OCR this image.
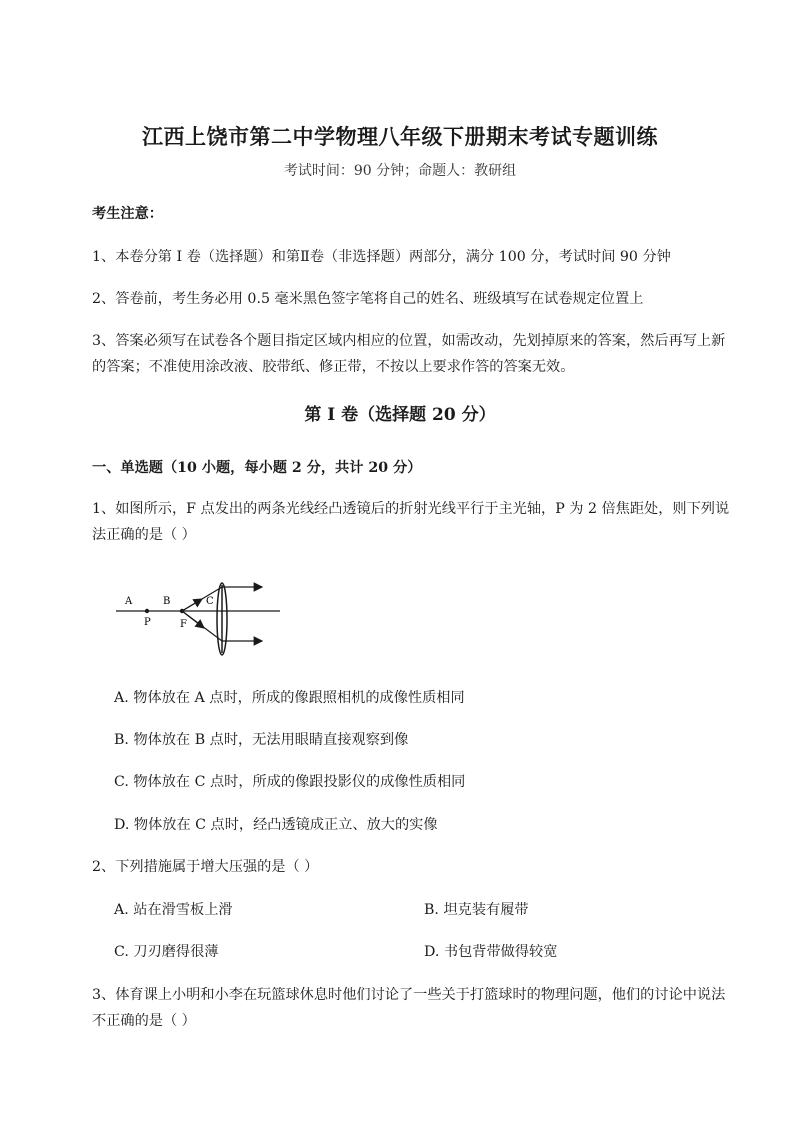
江西上饶市第二中学物理八年级下册期末考试专题训练
考试时间：90 分钟；命题人：教研组
考生注意：
1、本卷分第 I 卷（选择题）和第Ⅱ卷（非选择题）两部分，满分 100 分，考试时间 90 分钟
2、答卷前，考生务必用 0.5 毫米黑色签字笔将自己的姓名、班级填写在试卷规定位置上
3、答案必须写在试卷各个题目指定区域内相应的位置，如需改动，先划掉原来的答案，然后再写上新
的答案；不准使用涂改液、胶带纸、修正带，不按以上要求作答的答案无效。
第 I 卷（选择题 20 分）
一、单选题（10 小题，每小题 2 分，共计 20 分）
1、如图所示，F 点发出的两条光线经凸透镜后的折射光线平行于主光轴，P 为 2 倍焦距处，则下列说
法正确的是（ ）
A	B	C
P	F
A. 物体放在 A 点时，所成的像跟照相机的成像性质相同
B. 物体放在 B 点时，无法用眼睛直接观察到像
C. 物体放在 C 点时，所成的像跟投影仪的成像性质相同
D. 物体放在 C 点时，经凸透镜成正立、放大的实像
2、下列措施属于增大压强的是（ ）
A. 站在滑雪板上滑	B. 坦克装有履带
C. 刀刃磨得很薄	D. 书包背带做得较宽
3、体育课上小明和小李在玩篮球休息时他们讨论了一些关于打篮球时的物理问题，他们的讨论中说法
不正确的是（ ）
